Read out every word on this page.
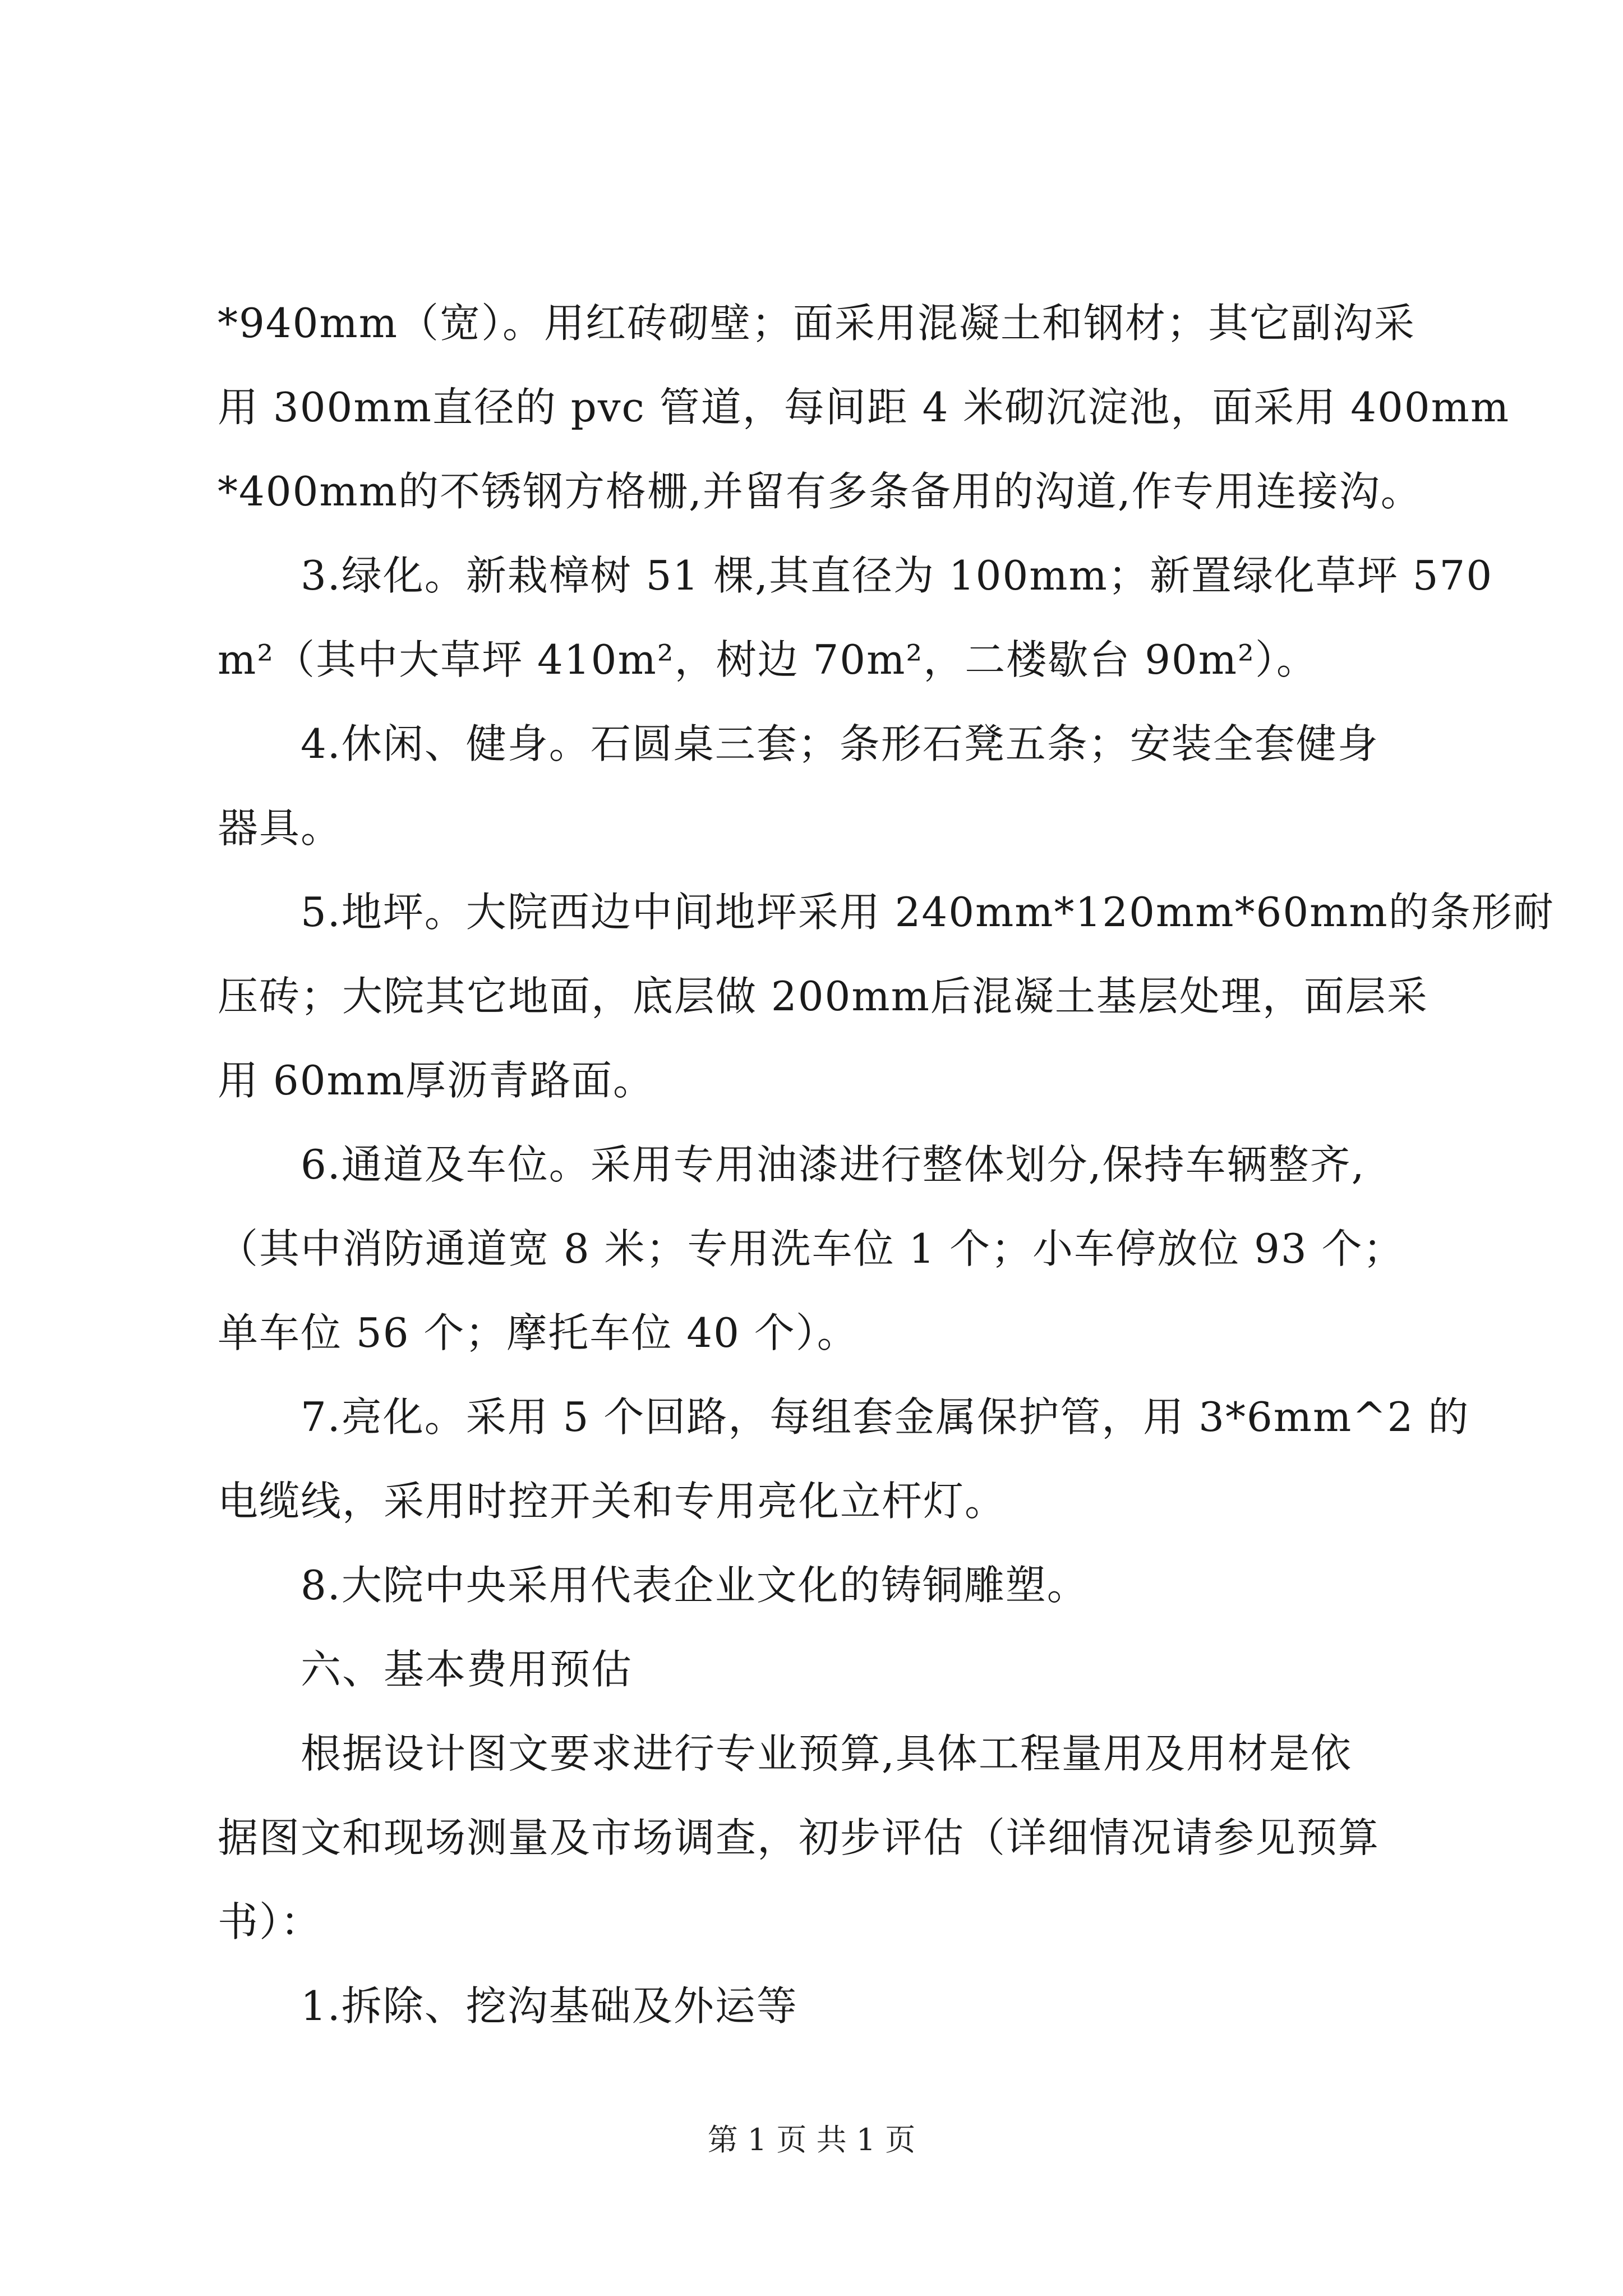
*940mm（宽）。用红砖砌壁；面采用混凝土和钢材；其它副沟采
用 300mm直径的 pvc 管道，每间距 4 米砌沉淀池，面采用 400mm
*400mm的不锈钢方格栅,并留有多条备用的沟道,作专用连接沟。
　　3.绿化。新栽樟树 51 棵,其直径为 100mm；新置绿化草坪 570
m²（其中大草坪 410m²，树边 70m²，二楼歇台 90m²）。
　　4.休闲、健身。石圆桌三套；条形石凳五条；安装全套健身
器具。
　　5.地坪。大院西边中间地坪采用 240mm*120mm*60mm的条形耐
压砖；大院其它地面，底层做 200mm后混凝土基层处理，面层采
用 60mm厚沥青路面。
　　6.通道及车位。采用专用油漆进行整体划分,保持车辆整齐,
（其中消防通道宽 8 米；专用洗车位 1 个；小车停放位 93 个；
单车位 56 个；摩托车位 40 个）。
　　7.亮化。采用 5 个回路，每组套金属保护管，用 3*6mm^2 的
电缆线，采用时控开关和专用亮化立杆灯。
　　8.大院中央采用代表企业文化的铸铜雕塑。
　　六、基本费用预估
　　根据设计图文要求进行专业预算,具体工程量用及用材是依
据图文和现场测量及市场调查，初步评估（详细情况请参见预算
书）：
　　1.拆除、挖沟基础及外运等
第 1 页 共 1 页
